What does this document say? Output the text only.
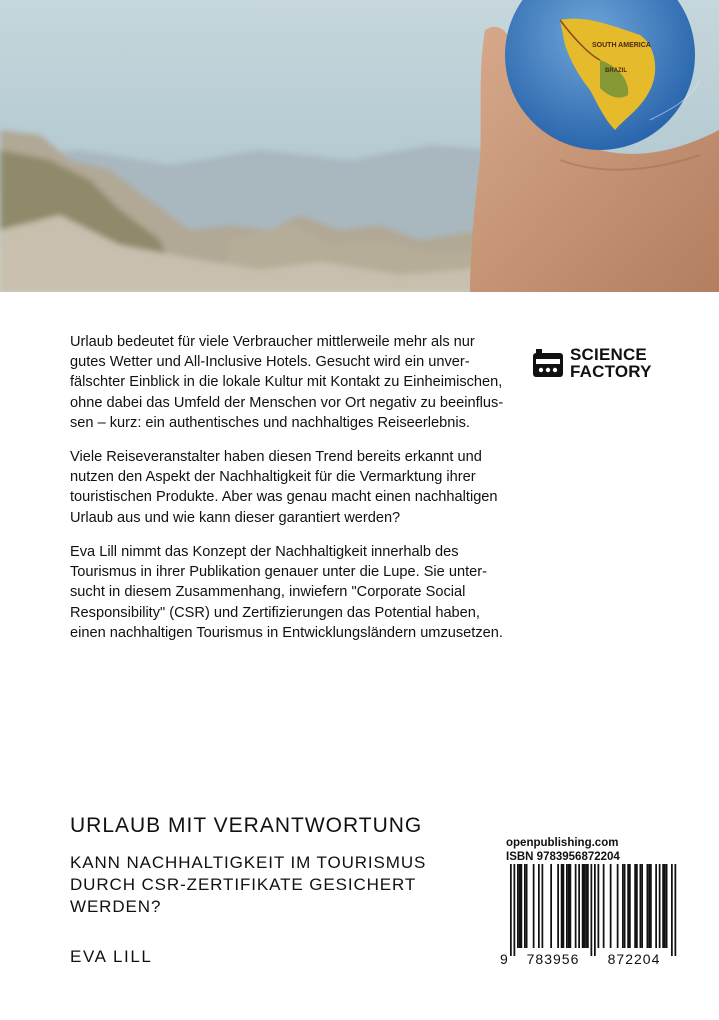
SOUTH AMERICA
BRAZIL

Urlaub bedeutet für viele Verbraucher mittlerweile mehr als nur

gutes Wetter und All-Inclusive Hotels. Gesucht wird ein unver-

fälschter Einblick in die lokale Kultur mit Kontakt zu Einheimischen,

ohne dabei das Umfeld der Menschen vor Ort negativ zu beeinflus-

sen – kurz: ein authentisches und nachhaltiges Reiseerlebnis.

Viele Reiseveranstalter haben diesen Trend bereits erkannt und

nutzen den Aspekt der Nachhaltigkeit für die Vermarktung ihrer

touristischen Produkte. Aber was genau macht einen nachhaltigen

Urlaub aus und wie kann dieser garantiert werden?

Eva Lill nimmt das Konzept der Nachhaltigkeit innerhalb des

Tourismus in ihrer Publikation genauer unter die Lupe. Sie unter-

sucht in diesem Zusammenhang, inwiefern "Corporate Social

Responsibility" (CSR) und Zertifizierungen das Potential haben,

einen nachhaltigen Tourismus in Entwicklungsländern umzusetzen.

SCIENCE
FACTORY
URLAUB MIT VERANTWORTUNG
KANN NACHHALTIGKEIT IM TOURISMUS
DURCH CSR-ZERTIFIKATE GESICHERT
WERDEN?
EVA LILL
openpublishing.com
ISBN 9783956872204
9 783956 872204
